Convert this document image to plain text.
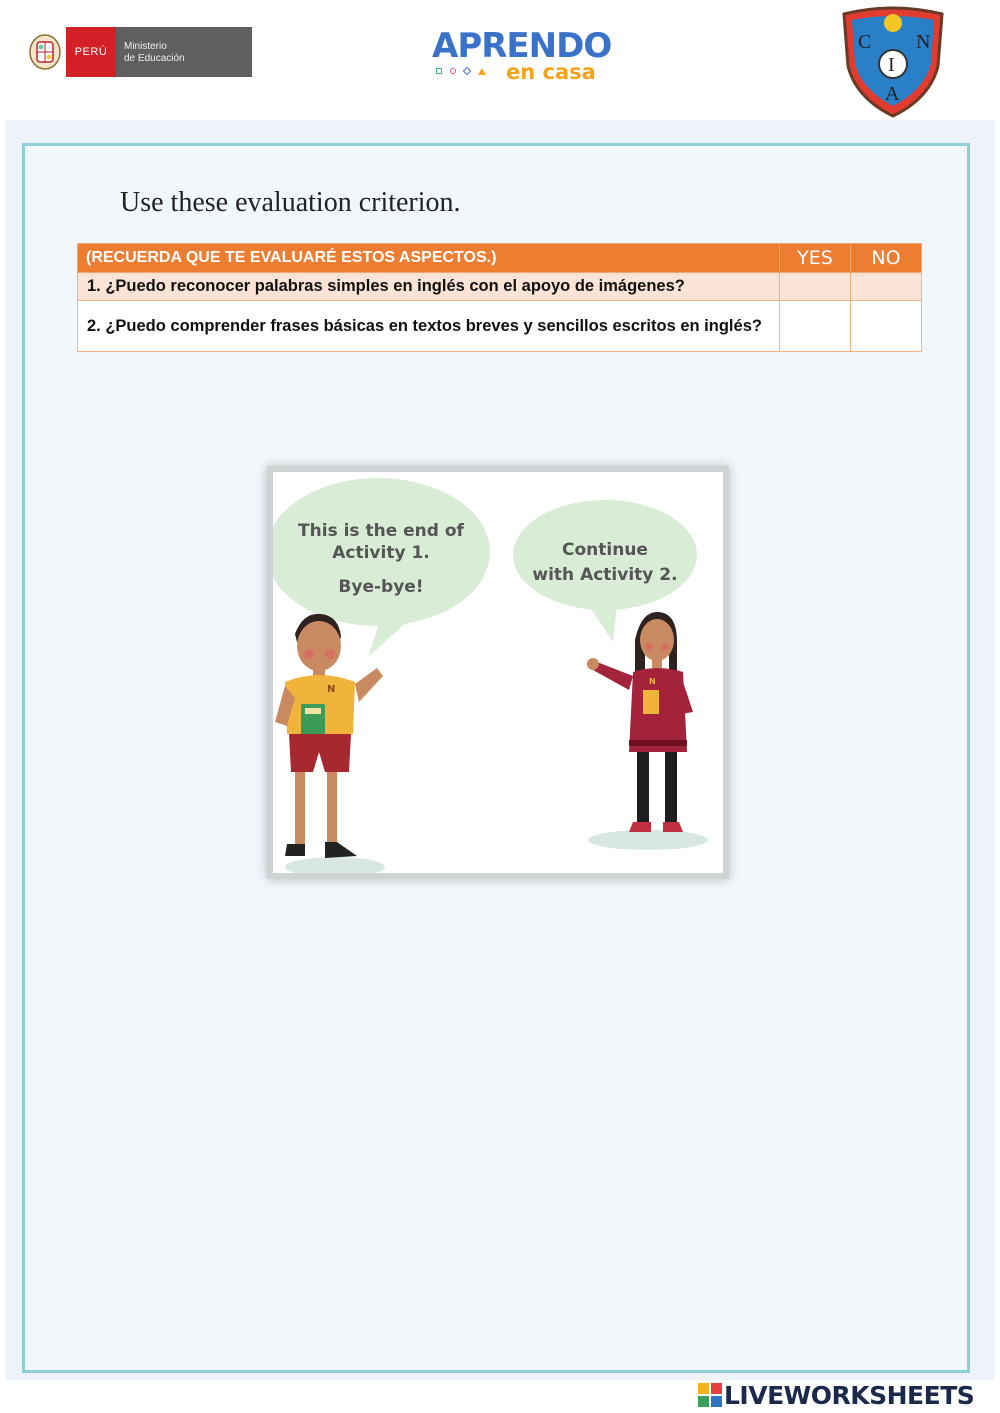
PERÚ	Ministerio
de Educación	APRENDO
en casa
C N
I
A
Use these evaluation criterion.
(RECUERDA QUE TE EVALUARÉ ESTOS ASPECTOS.)	YES	NO
1. ¿Puedo reconocer palabras simples en inglés con el apoyo de imágenes?		
2. ¿Puedo comprender frases básicas en textos breves y sencillos escritos en inglés?		
N
N
This is the end of
Activity 1.
Bye-bye!
Continue
with Activity 2.
LIVEWORKSHEETS
